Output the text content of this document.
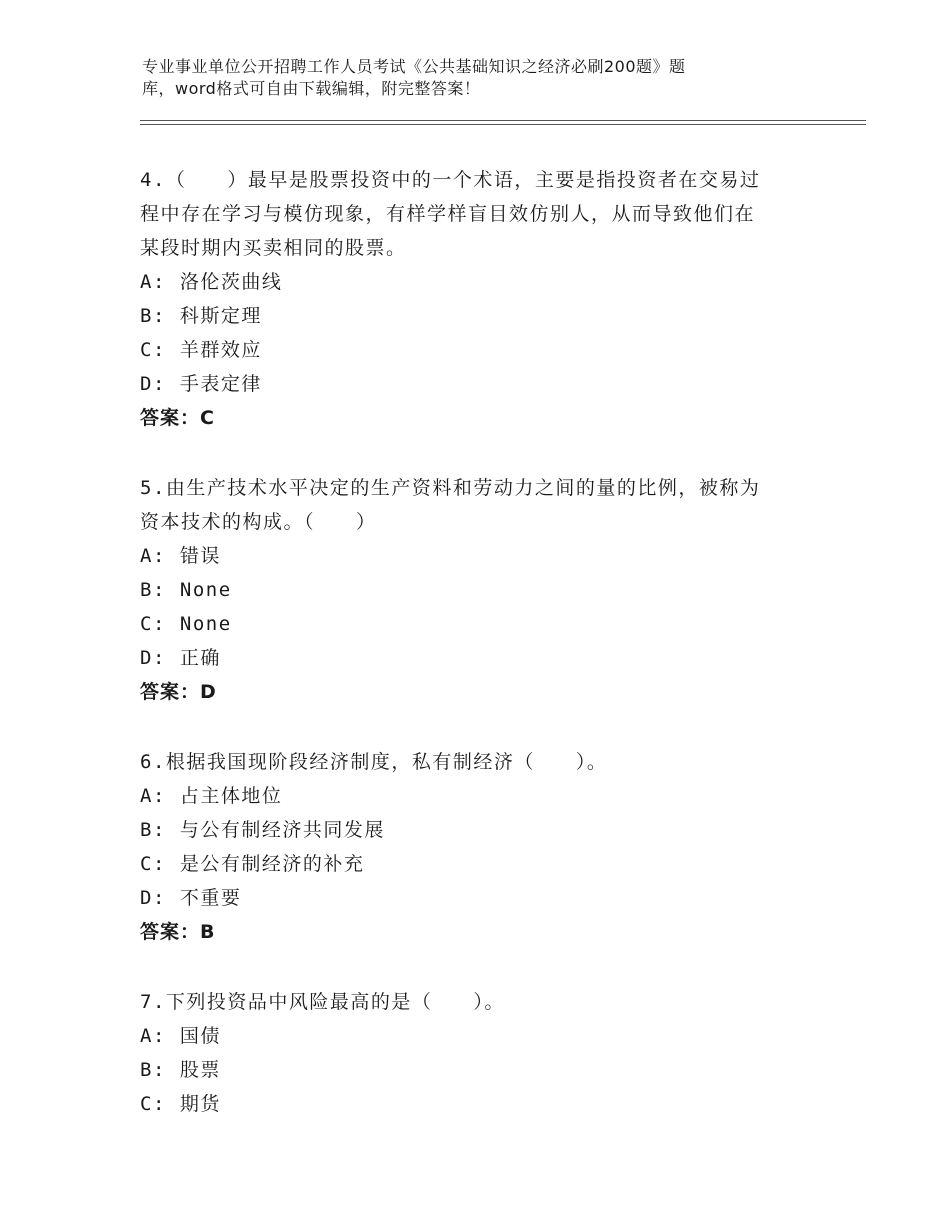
专业事业单位公开招聘工作人员考试《公共基础知识之经济必刷200题》题
库，word格式可自由下载编辑，附完整答案！
4.（　　）最早是股票投资中的一个术语，主要是指投资者在交易过
程中存在学习与模仿现象，有样学样盲目效仿别人，从而导致他们在
某段时期内买卖相同的股票。
A: 洛伦茨曲线
B: 科斯定理
C: 羊群效应
D: 手表定律
答案：C
5.由生产技术水平决定的生产资料和劳动力之间的量的比例，被称为
资本技术的构成。（　　）
A: 错误
B: None
C: None
D: 正确
答案：D
6.根据我国现阶段经济制度，私有制经济（　　）。
A: 占主体地位
B: 与公有制经济共同发展
C: 是公有制经济的补充
D: 不重要
答案：B
7.下列投资品中风险最高的是（　　）。
A: 国债
B: 股票
C: 期货
